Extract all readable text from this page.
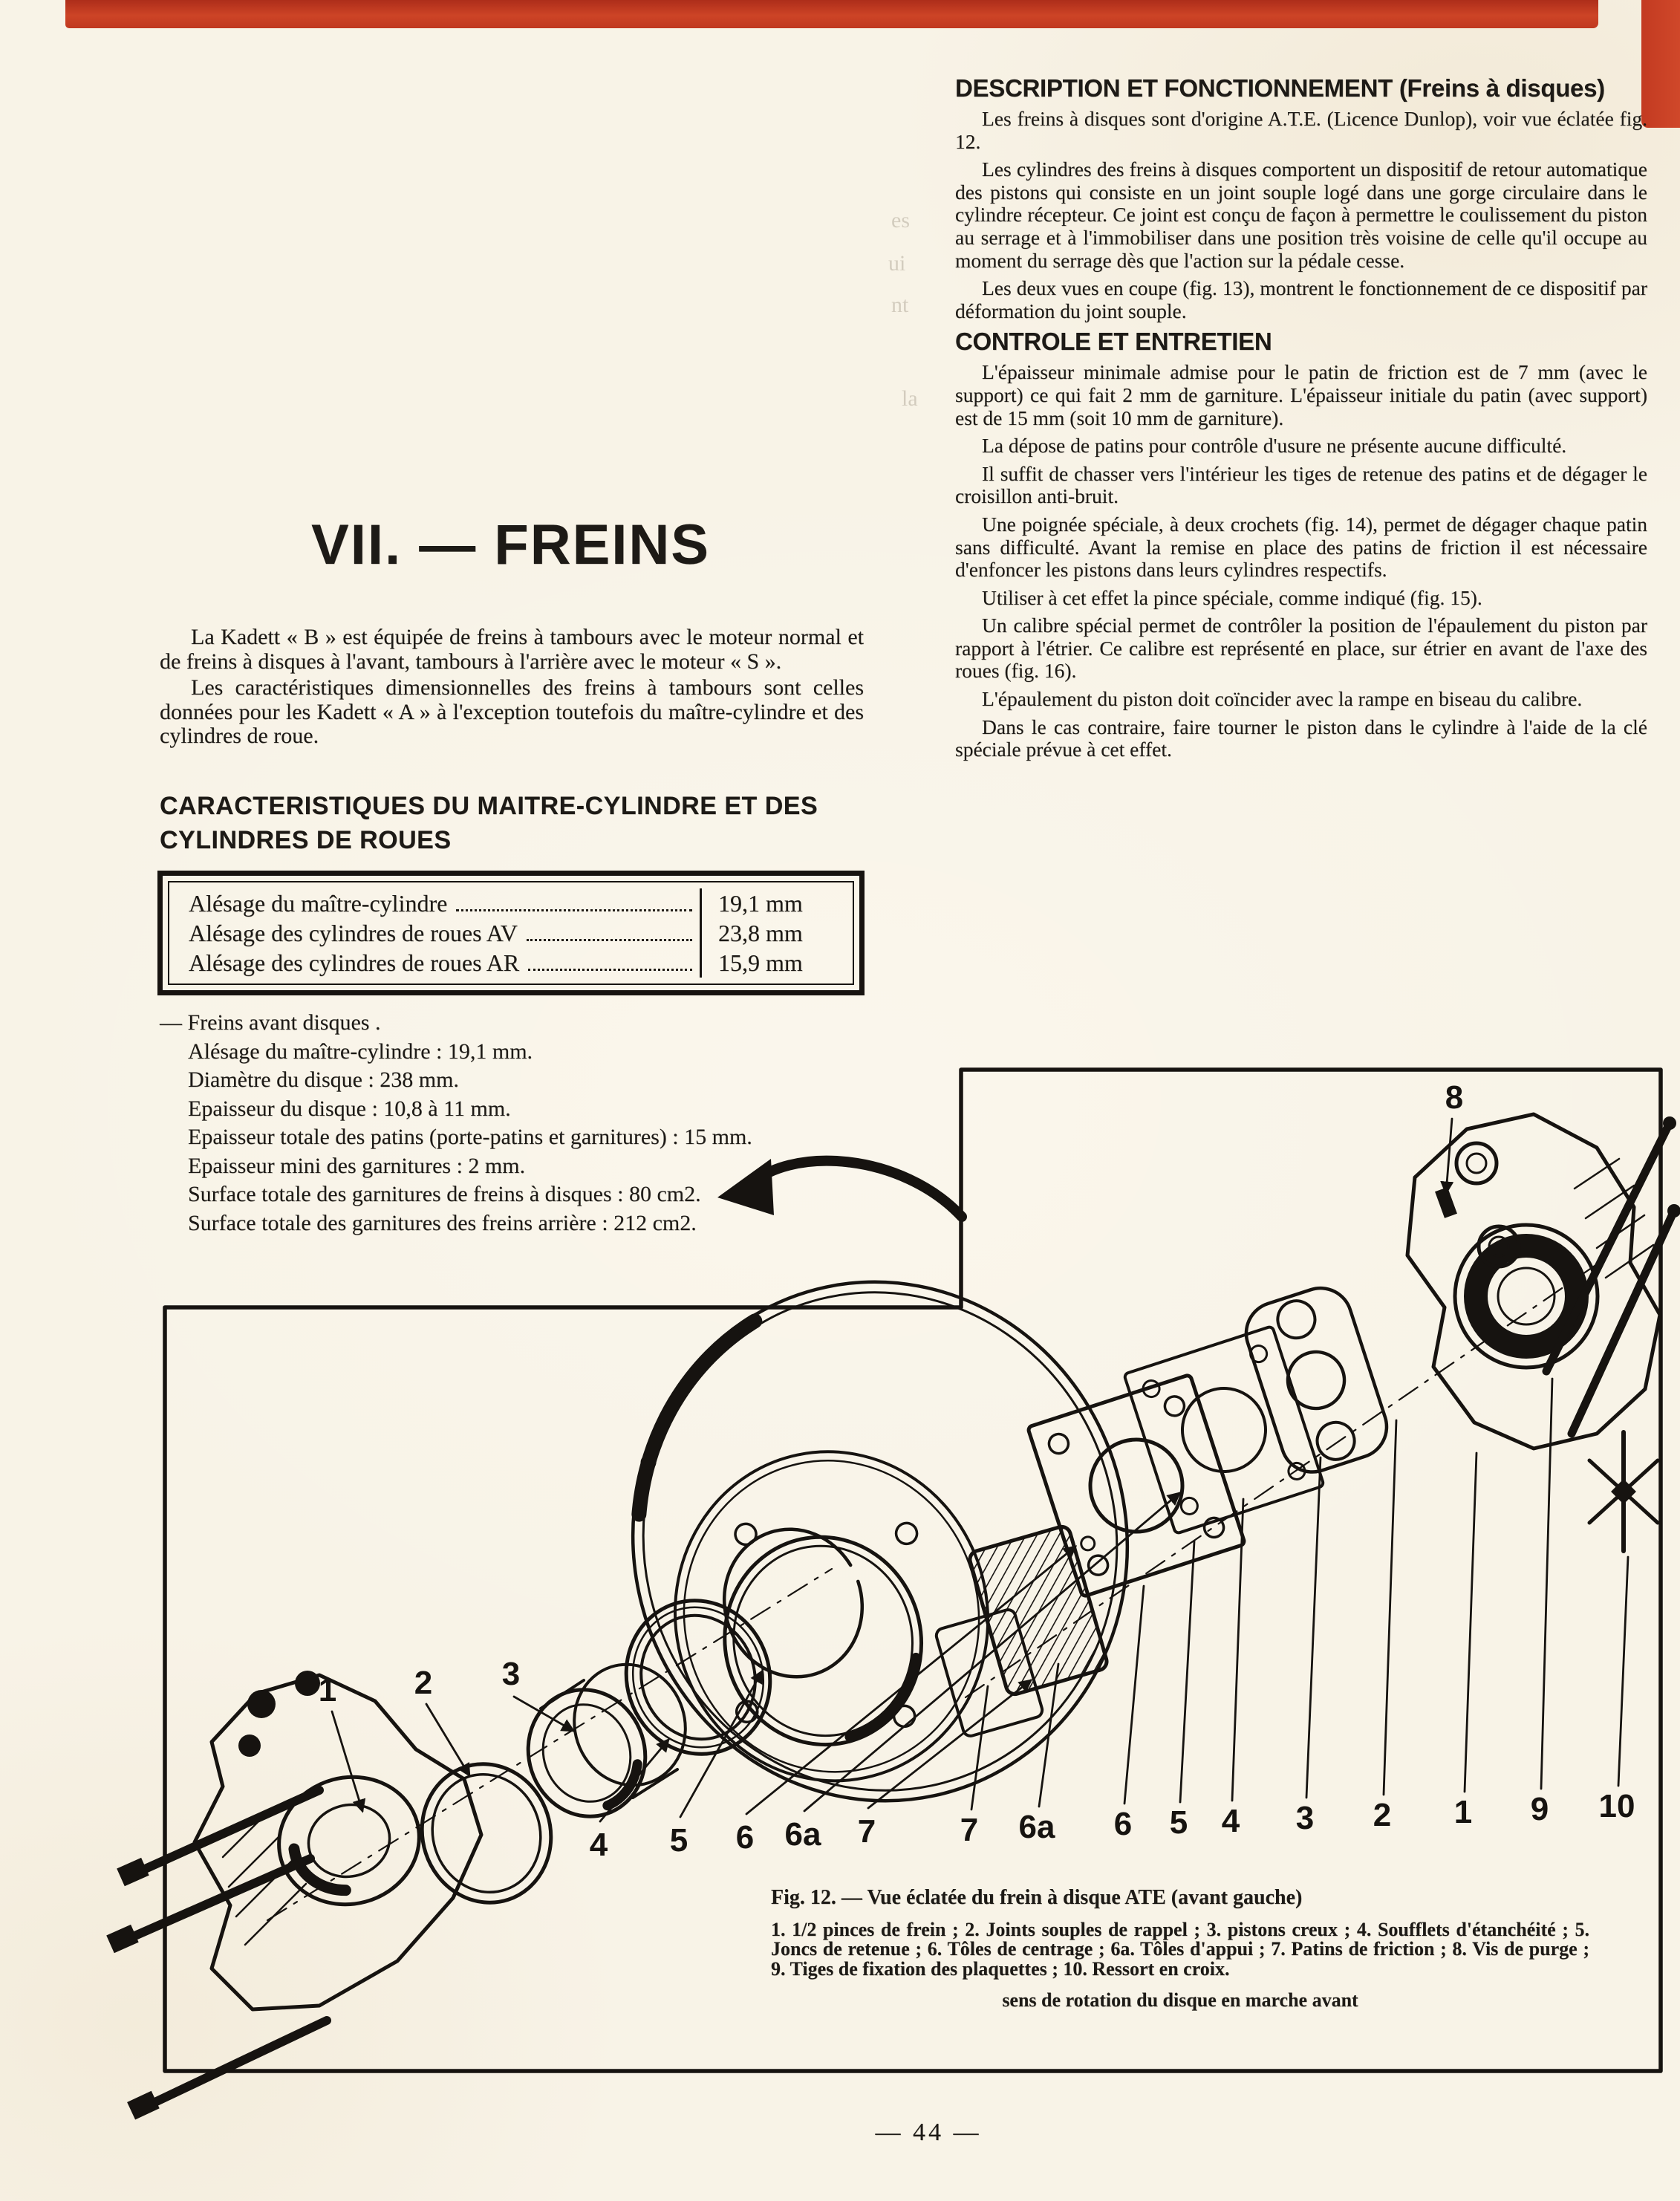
es
ui
nt
la
VII. — FREINS

La Kadett « B » est équipée de freins à tambours avec le moteur normal et de freins à disques à l'avant, tambours à l'arrière avec le moteur « S ».

Les caractéristiques dimensionnelles des freins à tambours sont celles données pour les Kadett « A » à l'exception toutefois du maître-cylindre et des cylindres de roue.

CARACTERISTIQUES DU MAITRE-CYLINDRE ET DES CYLINDRES DE ROUES
Alésage du maître-cylindre	19,1 mm
Alésage des cylindres de roues AV	23,8 mm
Alésage des cylindres de roues AR	15,9 mm
— Freins avant disques .
Alésage du maître-cylindre : 19,1 mm.
Diamètre du disque : 238 mm.
Epaisseur du disque : 10,8 à 11 mm.
Epaisseur totale des patins (porte-patins et garnitures) : 15 mm.
Epaisseur mini des garnitures : 2 mm.
Surface totale des garnitures de freins à disques : 80 cm2.
Surface totale des garnitures des freins arrière : 212 cm2.

DESCRIPTION ET FONCTIONNEMENT (Freins à disques)

Les freins à disques sont d'origine A.T.E. (Licence Dunlop), voir vue éclatée fig. 12.

Les cylindres des freins à disques comportent un dispositif de retour automatique des pistons qui consiste en un joint souple logé dans une gorge circulaire dans le cylindre récepteur. Ce joint est conçu de façon à permettre le coulissement du piston au serrage et à l'immobiliser dans une position très voisine de celle qu'il occupe au moment du serrage dès que l'action sur la pédale cesse.

Les deux vues en coupe (fig. 13), montrent le fonctionnement de ce dispositif par déformation du joint souple.

CONTROLE ET ENTRETIEN

L'épaisseur minimale admise pour le patin de friction est de 7 mm (avec le support) ce qui fait 2 mm de garniture. L'épaisseur initiale du patin (avec support) est de 15 mm (soit 10 mm de garniture).

La dépose de patins pour contrôle d'usure ne présente aucune difficulté.

Il suffit de chasser vers l'intérieur les tiges de retenue des patins et de dégager le croisillon anti-bruit.

Une poignée spéciale, à deux crochets (fig. 14), permet de dégager chaque patin sans difficulté. Avant la remise en place des patins de friction il est nécessaire d'enfoncer les pistons dans leurs cylindres respectifs.

Utiliser à cet effet la pince spéciale, comme indiqué (fig. 15).

Un calibre spécial permet de contrôler la position de l'épaulement du piston par rapport à l'étrier. Ce calibre est représenté en place, sur étrier en avant de l'axe des roues (fig. 16).

L'épaulement du piston doit coïncider avec la rampe en biseau du calibre.

Dans le cas contraire, faire tourner le piston dans le cylindre à l'aide de la clé spéciale prévue à cet effet.

1 2 3
4 5 6 6a 7	7 6a 6 5 4 3 2 1 9 10
8

Fig. 12. — Vue éclatée du frein à disque ATE (avant gauche)

1. 1/2 pinces de frein ; 2. Joints souples de rappel ; 3. pistons creux ; 4. Soufflets d'étanchéité ; 5. Joncs de retenue ; 6. Tôles de centrage ; 6a. Tôles d'appui ; 7. Patins de friction ; 8. Vis de purge ; 9. Tiges de fixation des plaquettes ; 10. Ressort en croix.
sens de rotation du disque en marche avant
— 44 —
